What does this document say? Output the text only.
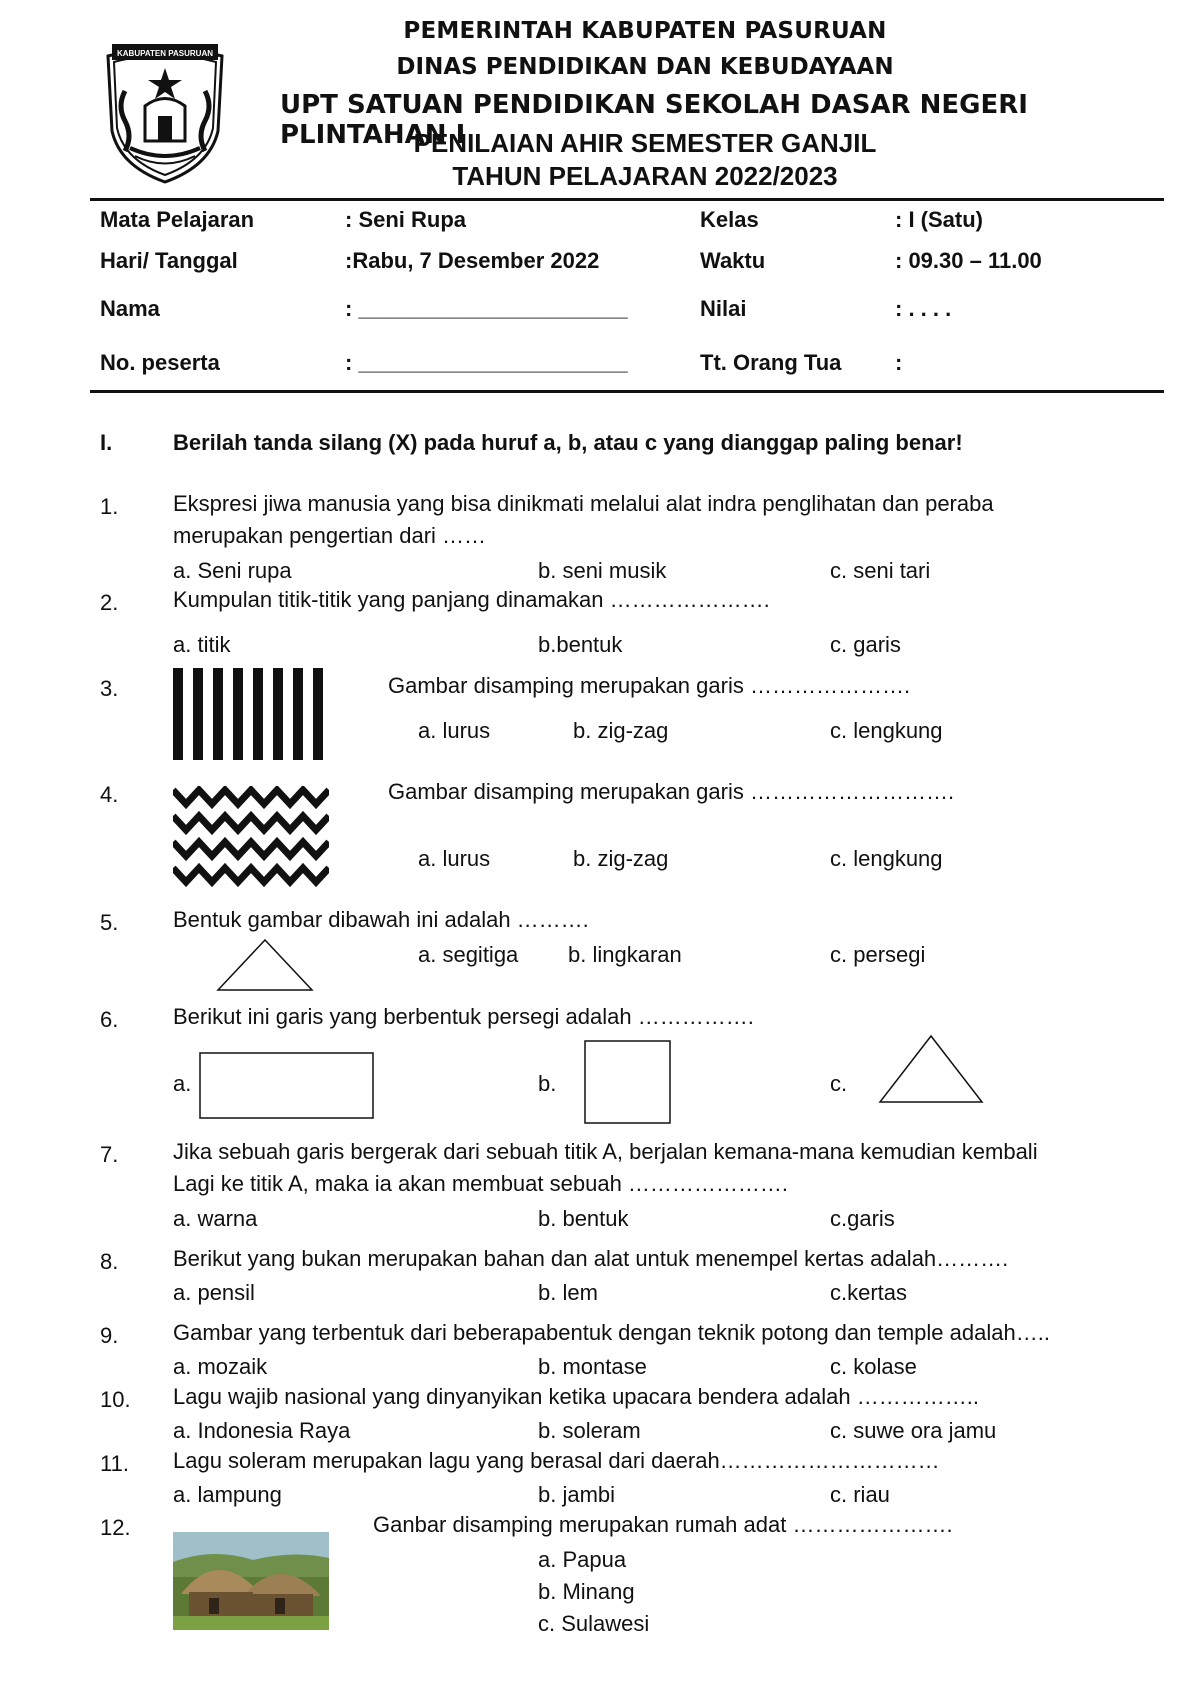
KABUPATEN PASURUAN
PEMERINTAH KABUPATEN PASURUAN
DINAS PENDIDIKAN DAN KEBUDAYAAN
UPT SATUAN PENDIDIKAN SEKOLAH DASAR NEGERI PLINTAHAN I
PENILAIAN AHIR SEMESTER GANJIL
TAHUN PELAJARAN 2022/2023
Mata Pelajaran	: Seni Rupa	Kelas	: I (Satu)
Hari/ Tanggal	:Rabu, 7 Desember 2022	Waktu	: 09.30 – 11.00
Nama	: ______________________	Nilai	: . . . .
No. peserta	: ______________________	Tt. Orang Tua :
I.	Berilah tanda silang (X) pada huruf a, b, atau c yang dianggap paling benar!
1. Ekspresi jiwa manusia yang bisa dinikmati melalui alat indra penglihatan dan peraba
merupakan pengertian dari ……
a. Seni rupa	b. seni musik	c. seni tari
2. Kumpulan titik-titik yang panjang dinamakan ………………….
a. titik	b.bentuk	c. garis
3.	Gambar disamping merupakan garis ………………….
a. lurus	b. zig-zag	c. lengkung
4.	Gambar disamping merupakan garis ……………………….
a. lurus	b. zig-zag	c. lengkung
5. Bentuk gambar dibawah ini adalah ……….
a. segitiga b. lingkaran	c. persegi
6. Berikut ini garis yang berbentuk persegi adalah …………….
a.	b.	c.
7. Jika sebuah garis bergerak dari sebuah titik A, berjalan kemana-mana kemudian kembali
Lagi ke titik A, maka ia akan membuat sebuah ………………….
a. warna	b. bentuk	c.garis
8. Berikut yang bukan merupakan bahan dan alat untuk menempel kertas adalah……….
a. pensil	b. lem	c.kertas
9. Gambar yang terbentuk dari beberapabentuk dengan teknik potong dan temple adalah…..
a. mozaik	b. montase	c. kolase
10. Lagu wajib nasional yang dinyanyikan ketika upacara bendera adalah ……………..
a. Indonesia Raya	b. soleram	c. suwe ora jamu
11. Lagu soleram merupakan lagu yang berasal dari daerah…………………………
a. lampung	b. jambi	c. riau
12.	Ganbar disamping merupakan rumah adat ………………….
a. Papua
b. Minang
c. Sulawesi
